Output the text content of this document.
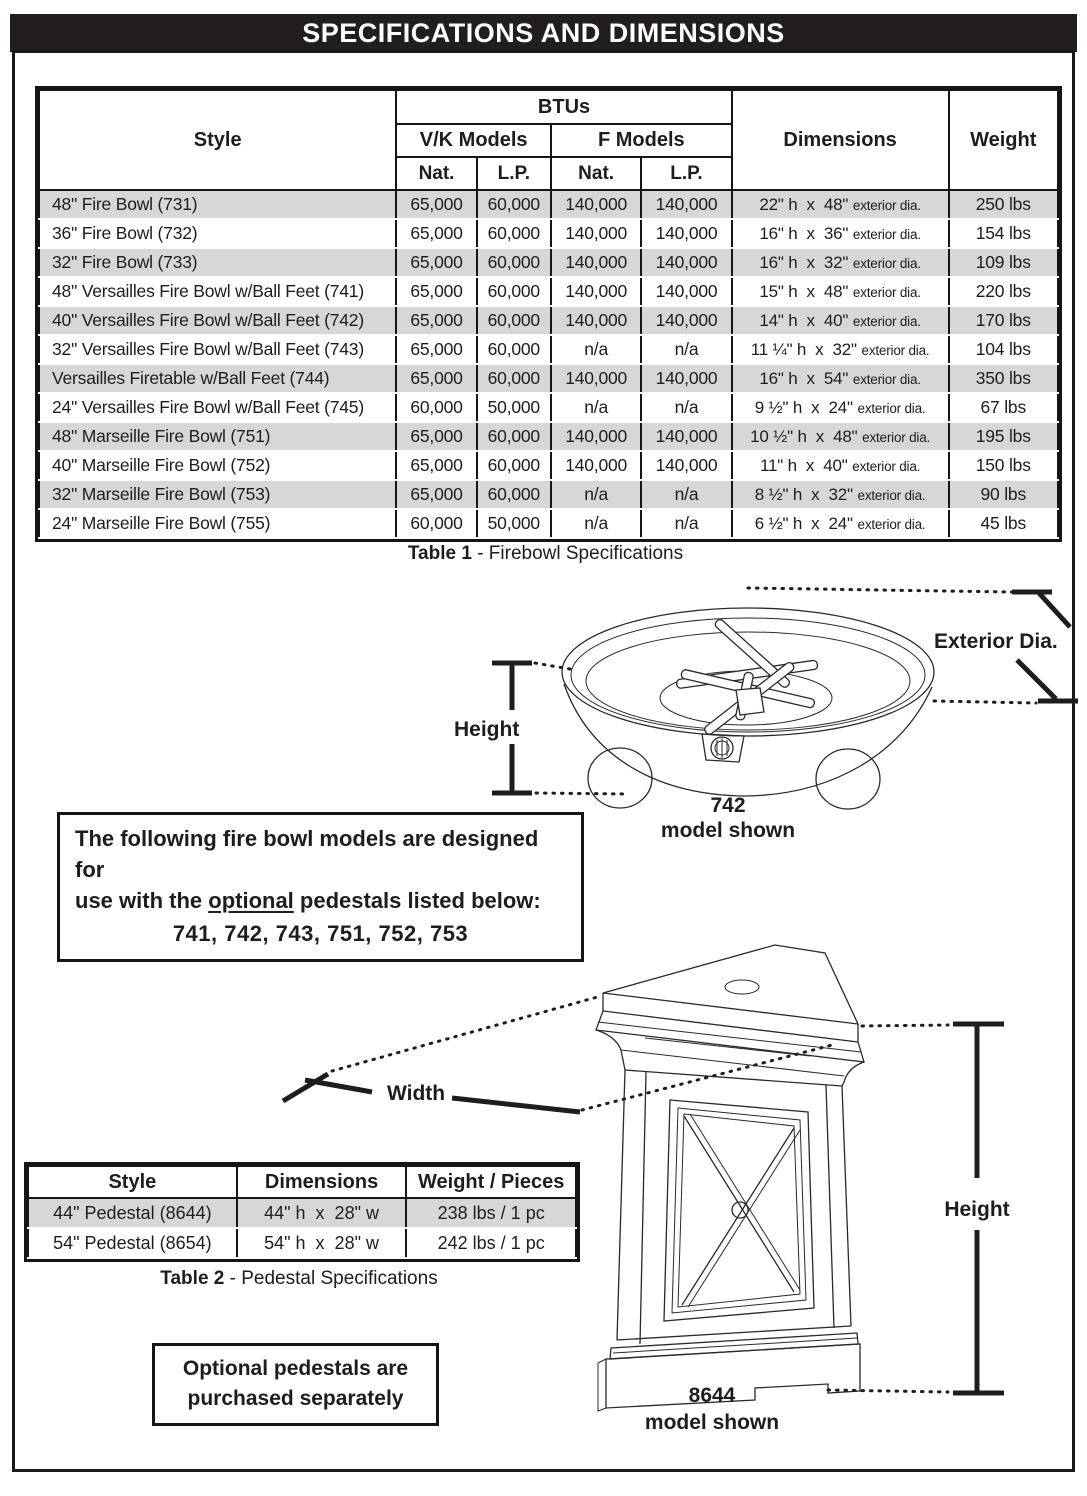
SPECIFICATIONS AND DIMENSIONS
Style	BTUs				Dimensions	Weight
	V/K Models		F Models			
	Nat.	L.P.	Nat.	L.P.		
48" Fire Bowl (731)	65,000	60,000	140,000	140,000	22" h  x  48" exterior dia.	250 lbs
36" Fire Bowl (732)	65,000	60,000	140,000	140,000	16" h  x  36" exterior dia.	154 lbs
32" Fire Bowl (733)	65,000	60,000	140,000	140,000	16" h  x  32" exterior dia.	109 lbs
48" Versailles Fire Bowl w/Ball Feet (741)	65,000	60,000	140,000	140,000	15" h  x  48" exterior dia.	220 lbs
40" Versailles Fire Bowl w/Ball Feet (742)	65,000	60,000	140,000	140,000	14" h  x  40" exterior dia.	170 lbs
32" Versailles Fire Bowl w/Ball Feet (743)	65,000	60,000	n/a	n/a	11 ¼" h  x  32" exterior dia.	104 lbs
Versailles Firetable w/Ball Feet (744)	65,000	60,000	140,000	140,000	16" h  x  54" exterior dia.	350 lbs
24" Versailles Fire Bowl w/Ball Feet (745)	60,000	50,000	n/a	n/a	9 ½" h  x  24" exterior dia.	67 lbs
48" Marseille Fire Bowl (751)	65,000	60,000	140,000	140,000	10 ½" h  x  48" exterior dia.	195 lbs
40" Marseille Fire Bowl (752)	65,000	60,000	140,000	140,000	11" h  x  40" exterior dia.	150 lbs
32" Marseille Fire Bowl (753)	65,000	60,000	n/a	n/a	8 ½" h  x  32" exterior dia.	90 lbs
24" Marseille Fire Bowl (755)	60,000	50,000	n/a	n/a	6 ½" h  x  24" exterior dia.	45 lbs
Table 1 - Firebowl Specifications
Height
Exterior Dia.
742
model shown
The following fire bowl models are designed for
use with the optional pedestals listed below:
741, 742, 743, 751, 752, 753
Height
Width
8644
model shown
Style	Dimensions	Weight / Pieces
44" Pedestal (8644)	44" h  x  28" w	238 lbs / 1 pc
54" Pedestal (8654)	54" h  x  28" w	242 lbs / 1 pc
Table 2 - Pedestal Specifications
Optional pedestals are
purchased separately
